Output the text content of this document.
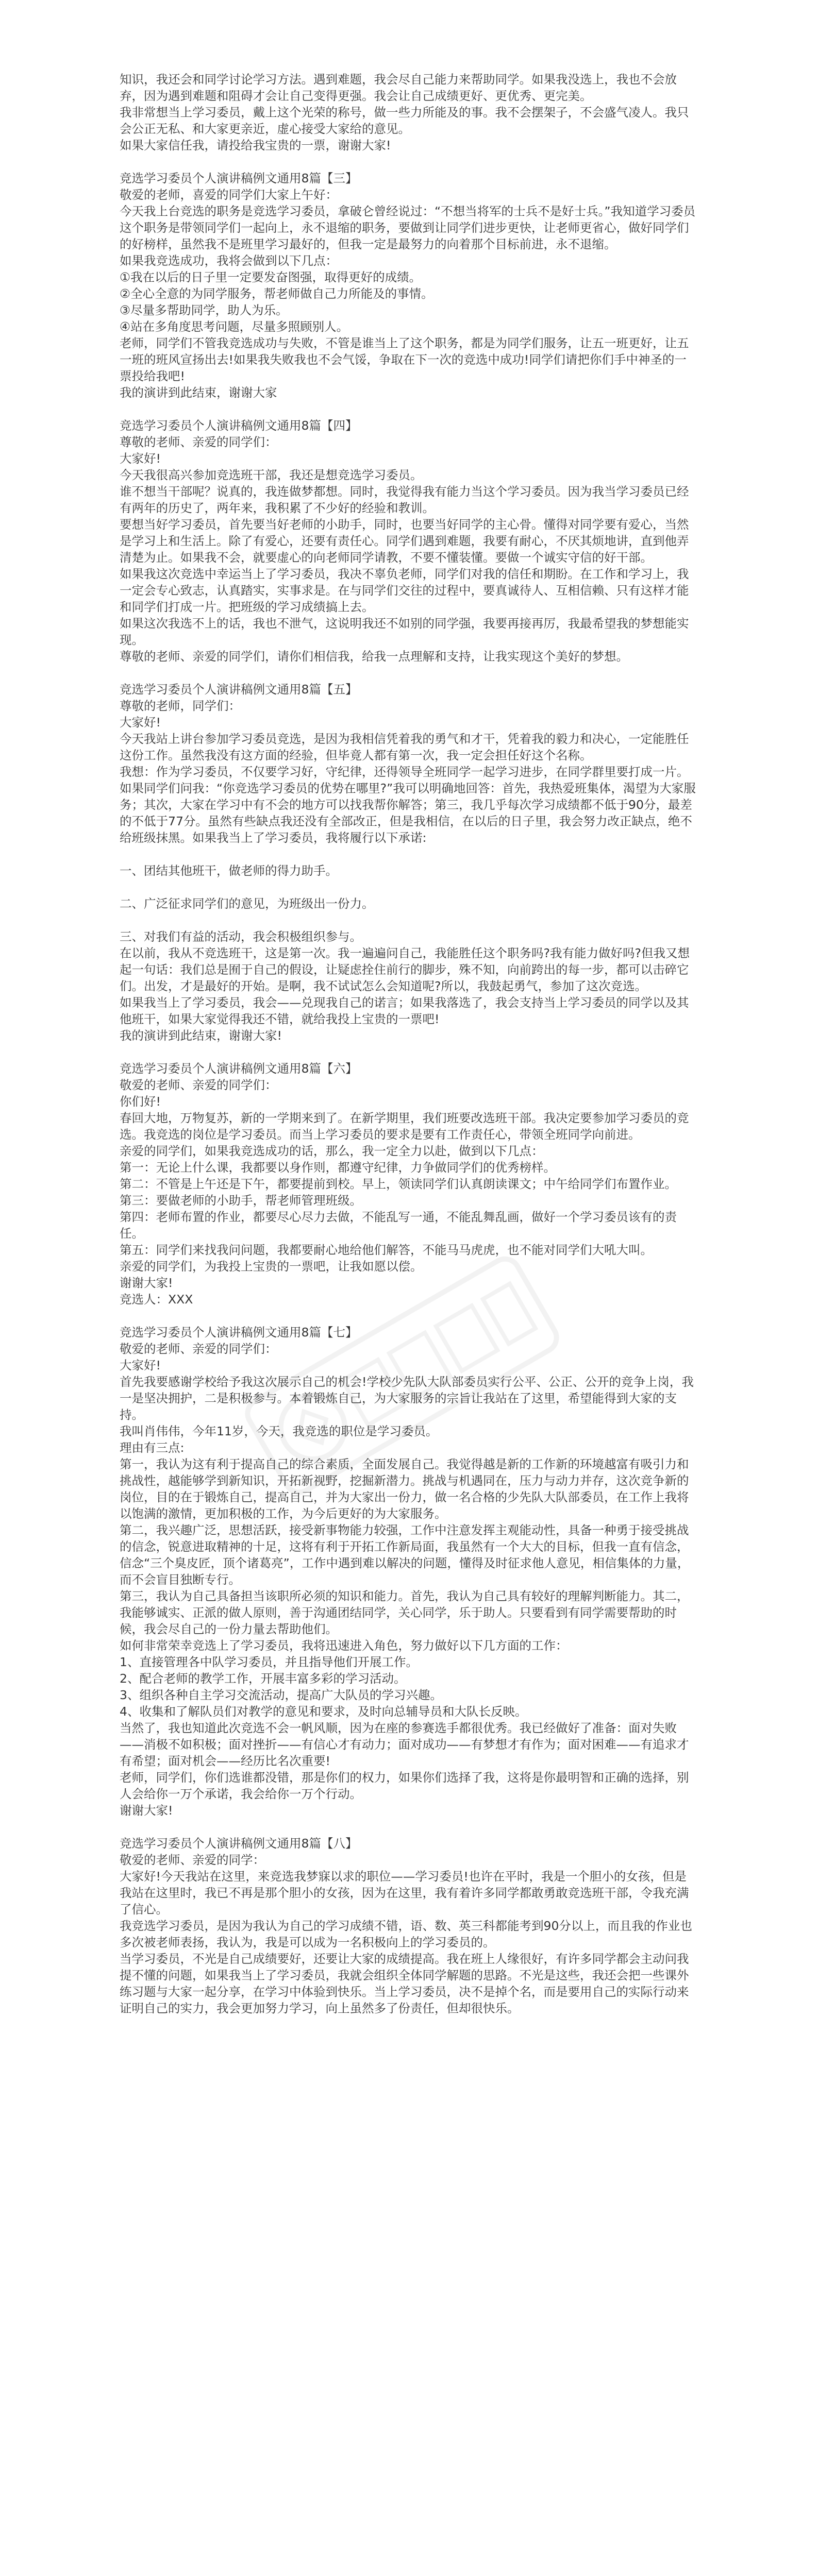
知识，我还会和同学讨论学习方法。遇到难题，我会尽自己能力来帮助同学。如果我没选上，我也不会放弃，因为遇到难题和阻碍才会让自己变得更强。我会让自己成绩更好、更优秀、更完美。
我非常想当上学习委员，戴上这个光荣的称号，做一些力所能及的事。我不会摆架子，不会盛气凌人。我只会公正无私、和大家更亲近，虚心接受大家给的意见。
如果大家信任我，请投给我宝贵的一票，谢谢大家!
竞选学习委员个人演讲稿例文通用8篇【三】
敬爱的老师，喜爱的同学们大家上午好：
今天我上台竞选的职务是竞选学习委员，拿破仑曾经说过：“不想当将军的士兵不是好士兵。”我知道学习委员这个职务是带领同学们一起向上，永不退缩的职务，要做到让同学们进步更快，让老师更省心，做好同学们的好榜样，虽然我不是班里学习最好的，但我一定是最努力的向着那个目标前进，永不退缩。
如果我竞选成功，我将会做到以下几点：
①我在以后的日子里一定要发奋图强，取得更好的成绩。
②全心全意的为同学服务，帮老师做自己力所能及的事情。
③尽量多帮助同学，助人为乐。
④站在多角度思考问题，尽量多照顾别人。
老师，同学们不管我竞选成功与失败，不管是谁当上了这个职务，都是为同学们服务，让五一班更好，让五一班的班风宣扬出去!如果我失败我也不会气馁，争取在下一次的竞选中成功!同学们请把你们手中神圣的一票投给我吧!
我的演讲到此结束，谢谢大家
竞选学习委员个人演讲稿例文通用8篇【四】
尊敬的老师、亲爱的同学们：
大家好!
今天我很高兴参加竞选班干部，我还是想竞选学习委员。
谁不想当干部呢？说真的，我连做梦都想。同时，我觉得我有能力当这个学习委员。因为我当学习委员已经有两年的历史了，两年来，我积累了不少好的经验和教训。
要想当好学习委员，首先要当好老师的小助手，同时，也要当好同学的主心骨。懂得对同学要有爱心，当然是学习上和生活上。除了有爱心，还要有责任心。同学们遇到难题，我要有耐心，不厌其烦地讲，直到他弄清楚为止。如果我不会，就要虚心的向老师同学请教，不要不懂装懂。要做一个诚实守信的好干部。
如果我这次竞选中幸运当上了学习委员，我决不辜负老师，同学们对我的信任和期盼。在工作和学习上，我一定会专心致志，认真踏实，实事求是。在与同学们交往的过程中，要真诚待人、互相信赖、只有这样才能和同学们打成一片。把班级的学习成绩搞上去。
如果这次我选不上的话，我也不泄气，这说明我还不如别的同学强，我要再接再厉，我最希望我的梦想能实现。
尊敬的老师、亲爱的同学们，请你们相信我，给我一点理解和支持，让我实现这个美好的梦想。
竞选学习委员个人演讲稿例文通用8篇【五】
尊敬的老师，同学们：
大家好!
今天我站上讲台参加学习委员竞选，是因为我相信凭着我的勇气和才干，凭着我的毅力和决心，一定能胜任这份工作。虽然我没有这方面的经验，但毕竟人都有第一次，我一定会担任好这个名称。
我想：作为学习委员，不仅要学习好，守纪律，还得领导全班同学一起学习进步，在同学群里要打成一片。如果同学们问我：“你竞选学习委员的优势在哪里?”我可以明确地回答：首先，我热爱班集体，渴望为大家服务；其次，大家在学习中有不会的地方可以找我帮你解答；第三，我几乎每次学习成绩都不低于90分，最差的不低于77分。虽然有些缺点我还没有全部改正，但是我相信，在以后的日子里，我会努力改正缺点，绝不给班级抹黑。如果我当上了学习委员，我将履行以下承诺:
一、团结其他班干，做老师的得力助手。
二、广泛征求同学们的意见，为班级出一份力。
三、对我们有益的活动，我会积极组织参与。
在以前，我从不竞选班干，这是第一次。我一遍遍问自己，我能胜任这个职务吗?我有能力做好吗?但我又想起一句话：我们总是囿于自己的假设，让疑虑拴住前行的脚步，殊不知，向前跨出的每一步，都可以击碎它们。出发，才是最好的开始。是啊，我不试试怎么会知道呢?所以，我鼓起勇气，参加了这次竞选。
如果我当上了学习委员，我会——兑现我自己的诺言；如果我落选了，我会支持当上学习委员的同学以及其他班干，如果大家觉得我还不错，就给我投上宝贵的一票吧!
我的演讲到此结束，谢谢大家!
竞选学习委员个人演讲稿例文通用8篇【六】
敬爱的老师、亲爱的同学们：
你们好!
春回大地，万物复苏，新的一学期来到了。在新学期里，我们班要改选班干部。我决定要参加学习委员的竞选。我竞选的岗位是学习委员。而当上学习委员的要求是要有工作责任心，带领全班同学向前进。
亲爱的同学们，如果我竞选成功的话，那么，我一定全力以赴，做到以下几点：
第一：无论上什么课，我都要以身作则，都遵守纪律，力争做同学们的优秀榜样。
第二：不管是上午还是下午，都要提前到校。早上，领读同学们认真朗读课文；中午给同学们布置作业。
第三：要做老师的小助手，帮老师管理班级。
第四：老师布置的作业，都要尽心尽力去做，不能乱写一通，不能乱舞乱画，做好一个学习委员该有的责任。
第五：同学们来找我问问题，我都要耐心地给他们解答，不能马马虎虎，也不能对同学们大吼大叫。
亲爱的同学们，为我投上宝贵的一票吧，让我如愿以偿。
谢谢大家!
竞选人：XXX
竞选学习委员个人演讲稿例文通用8篇【七】
敬爱的老师、亲爱的同学们：
大家好!
首先我要感谢学校给予我这次展示自己的机会!学校少先队大队部委员实行公平、公正、公开的竞争上岗，我一是坚决拥护，二是积极参与。本着锻炼自己，为大家服务的宗旨让我站在了这里，希望能得到大家的支持。
我叫肖伟伟，今年11岁，今天，我竞选的职位是学习委员。
理由有三点:
第一，我认为这有利于提高自己的综合素质，全面发展自己。我觉得越是新的工作新的环境越富有吸引力和挑战性，越能够学到新知识，开拓新视野，挖掘新潜力。挑战与机遇同在，压力与动力并存，这次竞争新的岗位，目的在于锻炼自己，提高自己，并为大家出一份力，做一名合格的少先队大队部委员，在工作上我将以饱满的激情，更加积极的工作，为今后更好的为大家服务。
第二，我兴趣广泛，思想活跃，接受新事物能力较强，工作中注意发挥主观能动性，具备一种勇于接受挑战的信念，锐意进取精神的十足，这将有利于开拓工作新局面，我虽然有一个大大的目标，但我一直有信念，信念“三个臭皮匠，顶个诸葛亮”，工作中遇到难以解决的问题，懂得及时征求他人意见，相信集体的力量，而不会盲目独断专行。
第三，我认为自己具备担当该职所必须的知识和能力。首先，我认为自己具有较好的理解判断能力。其二，我能够诚实、正派的做人原则，善于沟通团结同学，关心同学，乐于助人。只要看到有同学需要帮助的时候，我会尽自己的一份力量去帮助他们。
如何非常荣幸竞选上了学习委员，我将迅速进入角色，努力做好以下几方面的工作：
1、直接管理各中队学习委员，并且指导他们开展工作。
2、配合老师的教学工作，开展丰富多彩的学习活动。
3、组织各种自主学习交流活动，提高广大队员的学习兴趣。
4、收集和了解队员们对教学的意见和要求，及时向总辅导员和大队长反映。
当然了，我也知道此次竞选不会一帆风顺，因为在座的参赛选手都很优秀。我已经做好了准备：面对失败——消极不如积极；面对挫折——有信心才有动力；面对成功——有梦想才有作为；面对困难——有追求才有希望；面对机会——经历比名次重要!
老师，同学们，你们选谁都没错，那是你们的权力，如果你们选择了我，这将是你最明智和正确的选择，别人会给你一万个承诺，我会给你一万个行动。
谢谢大家!
竞选学习委员个人演讲稿例文通用8篇【八】
敬爱的老师、亲爱的同学：
大家好!今天我站在这里，来竞选我梦寐以求的职位——学习委员!也许在平时，我是一个胆小的女孩，但是我站在这里时，我已不再是那个胆小的女孩，因为在这里，我有着许多同学都敢勇敢竞选班干部，令我充满了信心。
我竞选学习委员，是因为我认为自己的学习成绩不错，语、数、英三科都能考到90分以上，而且我的作业也多次被老师表扬，我认为，我是可以成为一名积极向上的学习委员的。
当学习委员，不光是自己成绩要好，还要让大家的成绩提高。我在班上人缘很好，有许多同学都会主动问我提不懂的问题，如果我当上了学习委员，我就会组织全体同学解题的思路。不光是这些，我还会把一些课外练习题与大家一起分享，在学习中体验到快乐。当上学习委员，决不是掉个名，而是要用自己的实际行动来证明自己的实力，我会更加努力学习，向上虽然多了份责任，但却很快乐。
